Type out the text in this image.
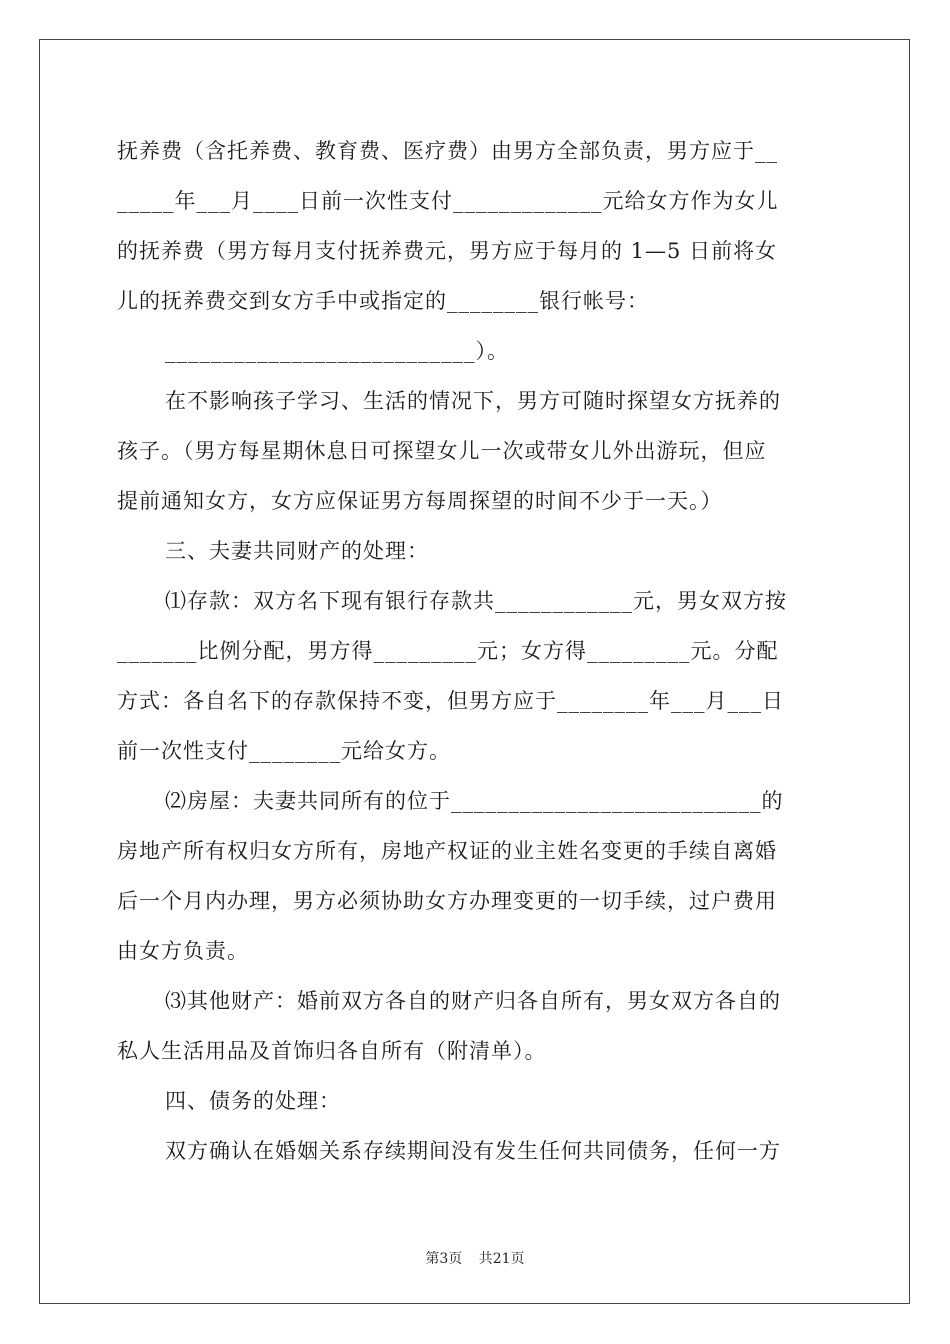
抚养费（含托养费、教育费、医疗费）由男方全部负责，男方应于__
_____年___月____日前一次性支付_____________元给女方作为女儿
的抚养费（男方每月支付抚养费元，男方应于每月的 1—5 日前将女
儿的抚养费交到女方手中或指定的________银行帐号：
___________________________）。
在不影响孩子学习、生活的情况下，男方可随时探望女方抚养的
孩子。（男方每星期休息日可探望女儿一次或带女儿外出游玩，但应
提前通知女方，女方应保证男方每周探望的时间不少于一天。）
三、夫妻共同财产的处理：
⑴存款：双方名下现有银行存款共____________元，男女双方按
_______比例分配，男方得_________元；女方得_________元。分配
方式：各自名下的存款保持不变，但男方应于________年___月___日
前一次性支付________元给女方。
⑵房屋：夫妻共同所有的位于___________________________的
房地产所有权归女方所有，房地产权证的业主姓名变更的手续自离婚
后一个月内办理，男方必须协助女方办理变更的一切手续，过户费用
由女方负责。
⑶其他财产：婚前双方各自的财产归各自所有，男女双方各自的
私人生活用品及首饰归各自所有（附清单）。
四、债务的处理：
双方确认在婚姻关系存续期间没有发生任何共同债务，任何一方
第3页 共21页
